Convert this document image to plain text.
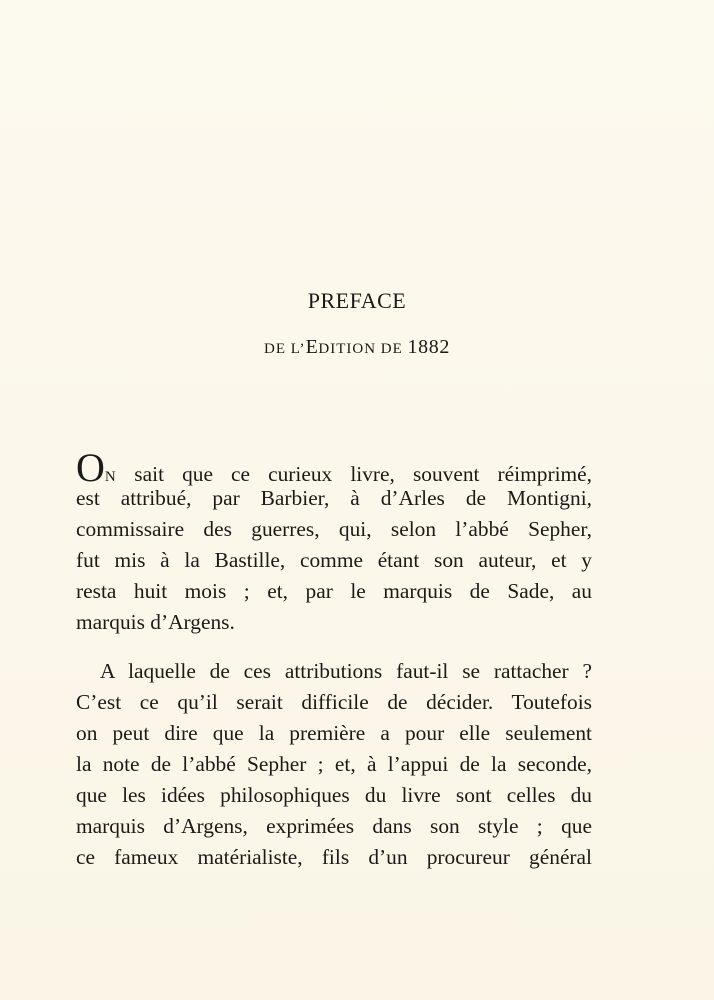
PREFACE
DE L’EDITION DE 1882
ON sait que ce curieux livre, souvent réimprimé,
est attribué, par Barbier, à d’Arles de Montigni,
commissaire des guerres, qui, selon l’abbé Sepher,
fut mis à la Bastille, comme étant son auteur, et y
resta huit mois ; et, par le marquis de Sade, au
marquis d’Argens.
A laquelle de ces attributions faut-il se rattacher ?
C’est ce qu’il serait difficile de décider. Toutefois
on peut dire que la première a pour elle seulement
la note de l’abbé Sepher ; et, à l’appui de la seconde,
que les idées philosophiques du livre sont celles du
marquis d’Argens, exprimées dans son style ; que
ce fameux matérialiste, fils d’un procureur général
